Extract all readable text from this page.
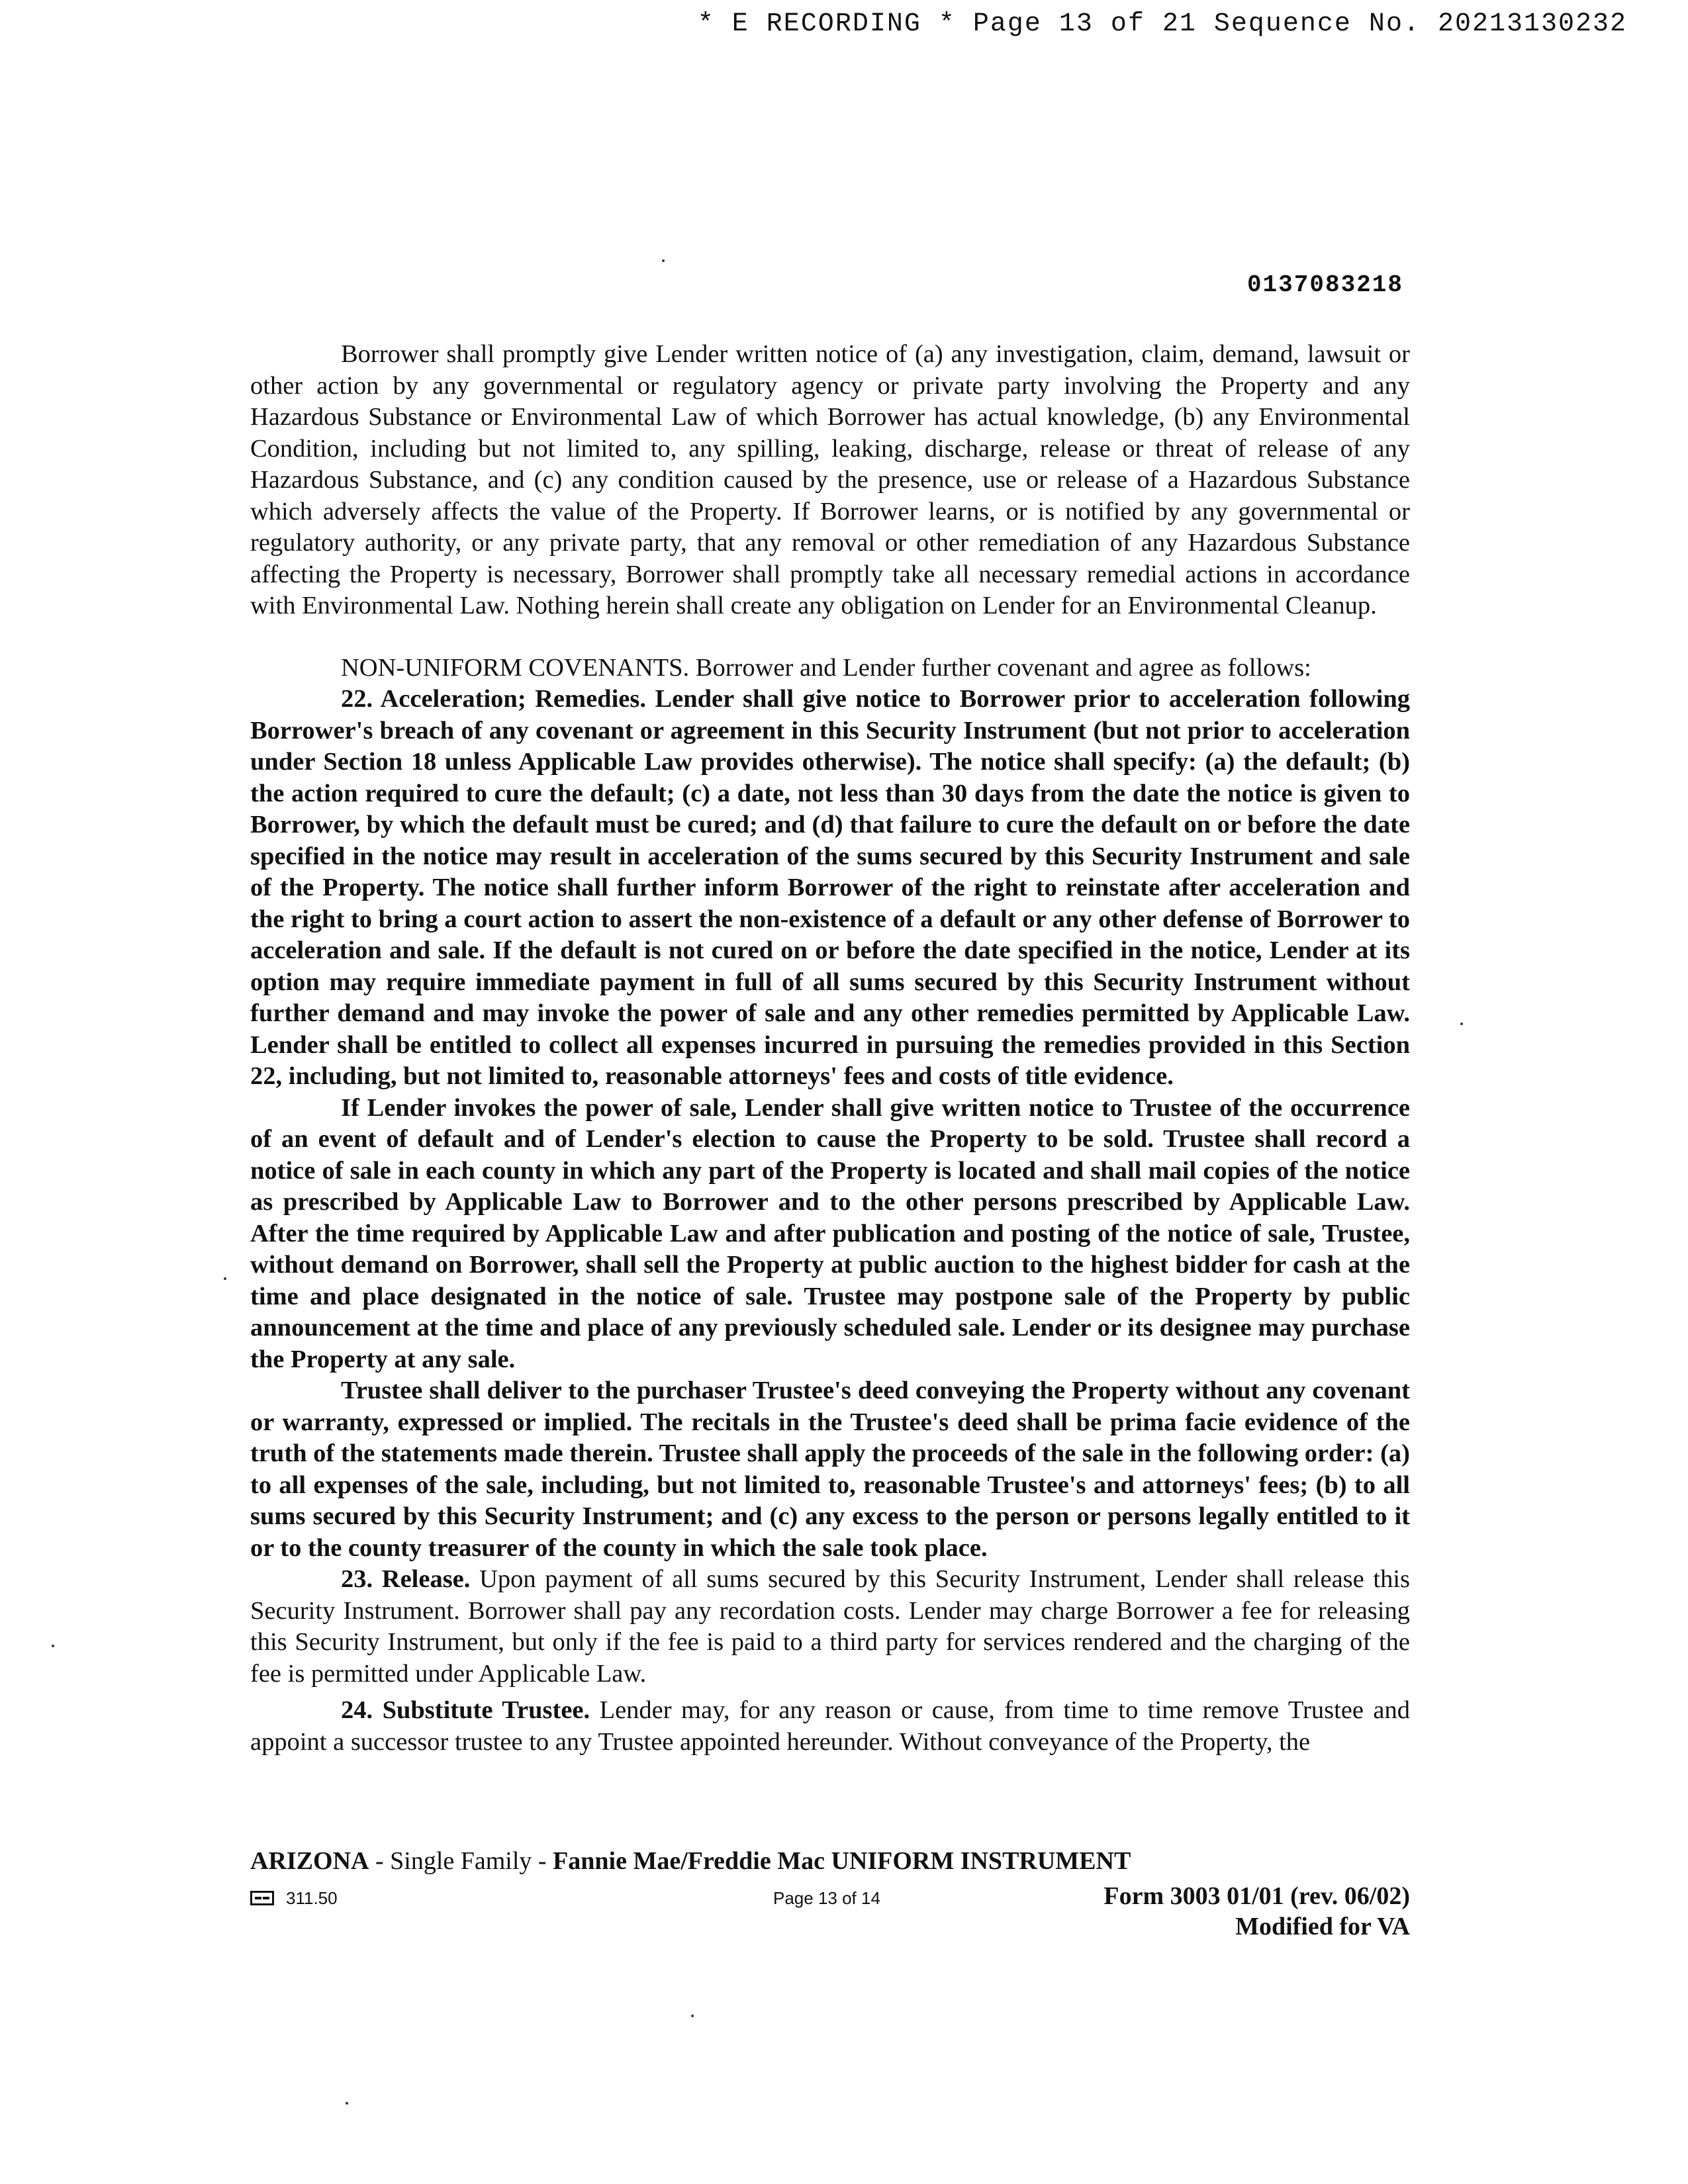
* E RECORDING * Page 13 of 21 Sequence No. 20213130232
0137083218

Borrower shall promptly give Lender written notice of (a) any investigation, claim, demand, lawsuit or other action by any governmental or regulatory agency or private party involving the Property and any Hazardous Substance or Environmental Law of which Borrower has actual knowledge, (b) any Environmental Condition, including but not limited to, any spilling, leaking, discharge, release or threat of release of any Hazardous Substance, and (c) any condition caused by the presence, use or release of a Hazardous Substance which adversely affects the value of the Property. If Borrower learns, or is notified by any governmental or regulatory authority, or any private party, that any removal or other remediation of any Hazardous Substance affecting the Property is necessary, Borrower shall promptly take all necessary remedial actions in accordance with Environmental Law. Nothing herein shall create any obligation on Lender for an Environmental Cleanup.

NON-UNIFORM COVENANTS. Borrower and Lender further covenant and agree as follows:

22. Acceleration; Remedies. Lender shall give notice to Borrower prior to acceleration following Borrower's breach of any covenant or agreement in this Security Instrument (but not prior to acceleration under Section 18 unless Applicable Law provides otherwise). The notice shall specify: (a) the default; (b) the action required to cure the default; (c) a date, not less than 30 days from the date the notice is given to Borrower, by which the default must be cured; and (d) that failure to cure the default on or before the date specified in the notice may result in acceleration of the sums secured by this Security Instrument and sale of the Property. The notice shall further inform Borrower of the right to reinstate after acceleration and the right to bring a court action to assert the non-existence of a default or any other defense of Borrower to acceleration and sale. If the default is not cured on or before the date specified in the notice, Lender at its option may require immediate payment in full of all sums secured by this Security Instrument without further demand and may invoke the power of sale and any other remedies permitted by Applicable Law. Lender shall be entitled to collect all expenses incurred in pursuing the remedies provided in this Section 22, including, but not limited to, reasonable attorneys' fees and costs of title evidence.

If Lender invokes the power of sale, Lender shall give written notice to Trustee of the occurrence of an event of default and of Lender's election to cause the Property to be sold. Trustee shall record a notice of sale in each county in which any part of the Property is located and shall mail copies of the notice as prescribed by Applicable Law to Borrower and to the other persons prescribed by Applicable Law. After the time required by Applicable Law and after publication and posting of the notice of sale, Trustee, without demand on Borrower, shall sell the Property at public auction to the highest bidder for cash at the time and place designated in the notice of sale. Trustee may postpone sale of the Property by public announcement at the time and place of any previously scheduled sale. Lender or its designee may purchase the Property at any sale.

Trustee shall deliver to the purchaser Trustee's deed conveying the Property without any covenant or warranty, expressed or implied. The recitals in the Trustee's deed shall be prima facie evidence of the truth of the statements made therein. Trustee shall apply the proceeds of the sale in the following order: (a) to all expenses of the sale, including, but not limited to, reasonable Trustee's and attorneys' fees; (b) to all sums secured by this Security Instrument; and (c) any excess to the person or persons legally entitled to it or to the county treasurer of the county in which the sale took place.

23. Release. Upon payment of all sums secured by this Security Instrument, Lender shall release this Security Instrument. Borrower shall pay any recordation costs. Lender may charge Borrower a fee for releasing this Security Instrument, but only if the fee is paid to a third party for services rendered and the charging of the fee is permitted under Applicable Law.

24. Substitute Trustee. Lender may, for any reason or cause, from time to time remove Trustee and appoint a successor trustee to any Trustee appointed hereunder. Without conveyance of the Property, the

ARIZONA - Single Family - Fannie Mae/Freddie Mac UNIFORM INSTRUMENT
311.50	Page 13 of 14	Form 3003 01/01 (rev. 06/02)
Modified for VA
